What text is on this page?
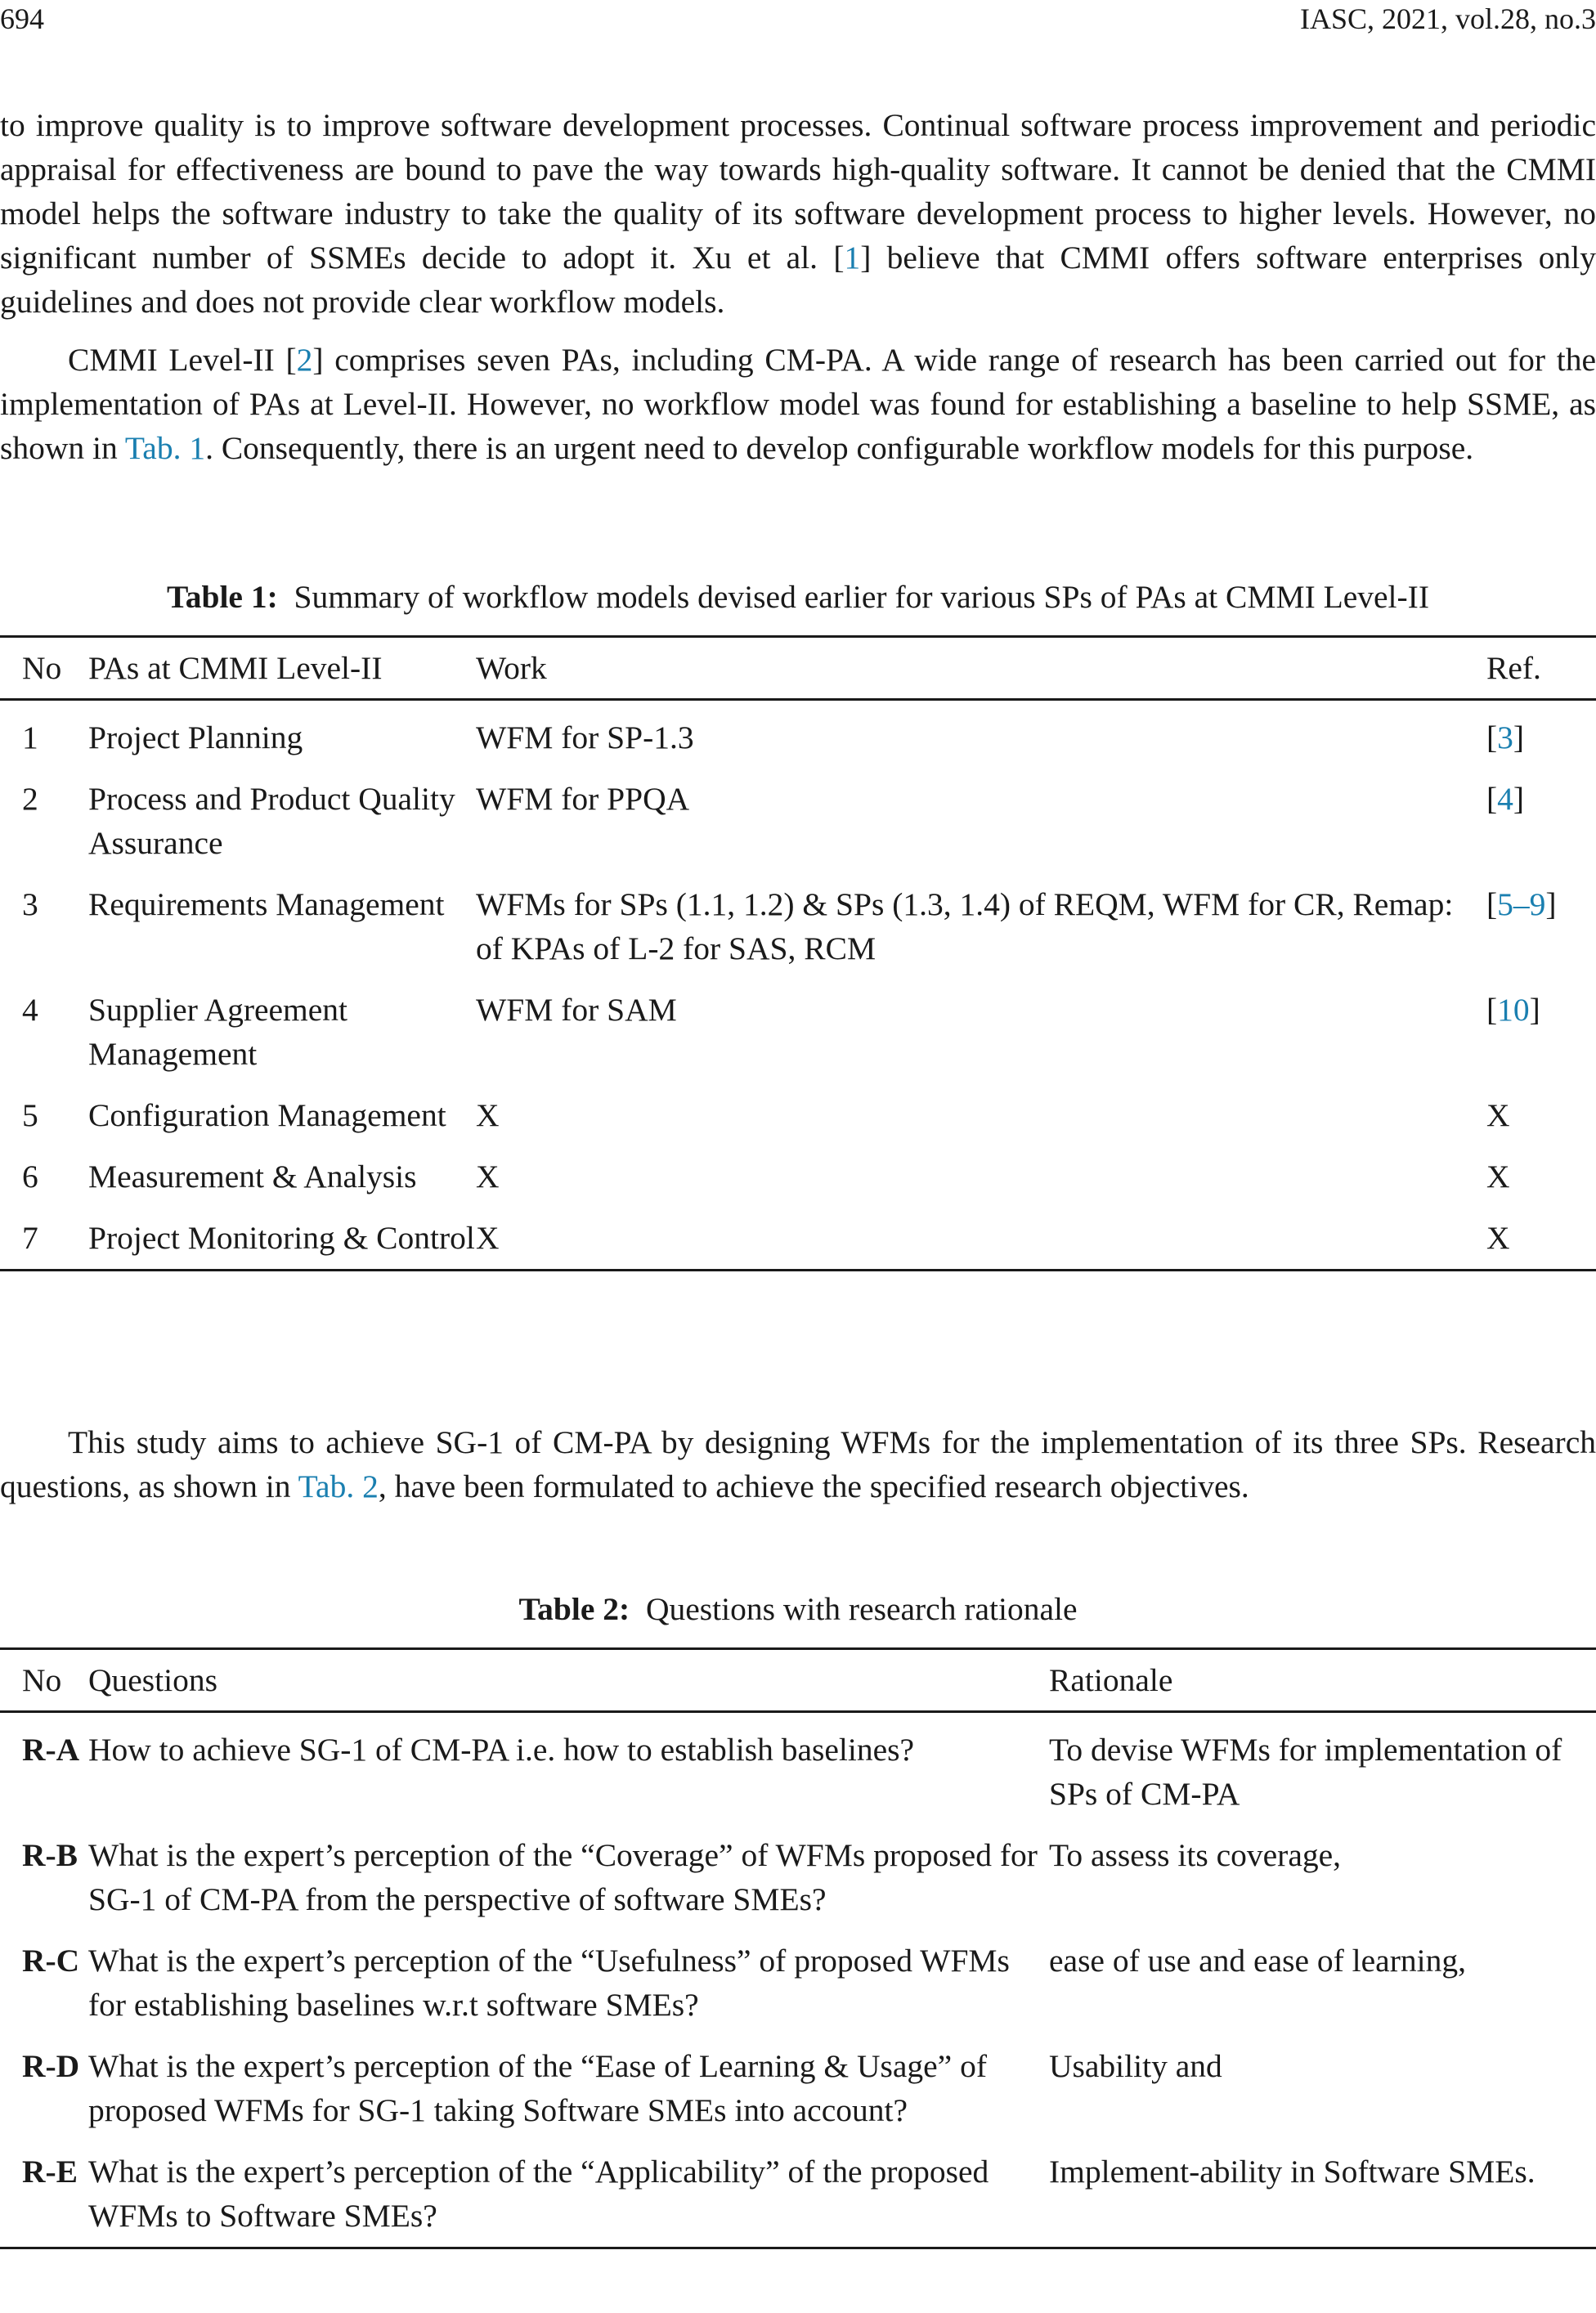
694	IASC, 2021, vol.28, no.3

to improve quality is to improve software development processes. Continual software process improvement and periodic appraisal for effectiveness are bound to pave the way towards high-quality software. It cannot be denied that the CMMI model helps the software industry to take the quality of its software development process to higher levels. However, no significant number of SSMEs decide to adopt it. Xu et al. [1] believe that CMMI offers software enterprises only guidelines and does not provide clear workflow models.

CMMI Level-II [2] comprises seven PAs, including CM-PA. A wide range of research has been carried out for the implementation of PAs at Level-II. However, no workflow model was found for establishing a baseline to help SSME, as shown in Tab. 1. Consequently, there is an urgent need to develop configurable workflow models for this purpose.

Table 1: Summary of workflow models devised earlier for various SPs of PAs at CMMI Level-II
No	PAs at CMMI Level-II	Work	Ref.
1	Project Planning	WFM for SP-1.3	[3]
2	Process and Product Quality Assurance	WFM for PPQA	[4]
3	Requirements Management	WFMs for SPs (1.1, 1.2) & SPs (1.3, 1.4) of REQM, WFM for CR, Remap: of KPAs of L-2 for SAS, RCM	[5–9]
4	Supplier Agreement Management	WFM for SAM	[10]
5	Configuration Management	X	X
6	Measurement & Analysis	X	X
7	Project Monitoring & Control	X	X

This study aims to achieve SG-1 of CM-PA by designing WFMs for the implementation of its three SPs. Research questions, as shown in Tab. 2, have been formulated to achieve the specified research objectives.

Table 2: Questions with research rationale
No	Questions	Rationale
R-A	How to achieve SG-1 of CM-PA i.e. how to establish baselines?	To devise WFMs for implementation of SPs of CM-PA
R-B	What is the expert’s perception of the “Coverage” of WFMs proposed for SG-1 of CM-PA from the perspective of software SMEs?	To assess its coverage,
R-C	What is the expert’s perception of the “Usefulness” of proposed WFMs for establishing baselines w.r.t software SMEs?	ease of use and ease of learning,
R-D	What is the expert’s perception of the “Ease of Learning & Usage” of proposed WFMs for SG-1 taking Software SMEs into account?	Usability and
R-E	What is the expert’s perception of the “Applicability” of the proposed WFMs to Software SMEs?	Implement-ability in Software SMEs.
